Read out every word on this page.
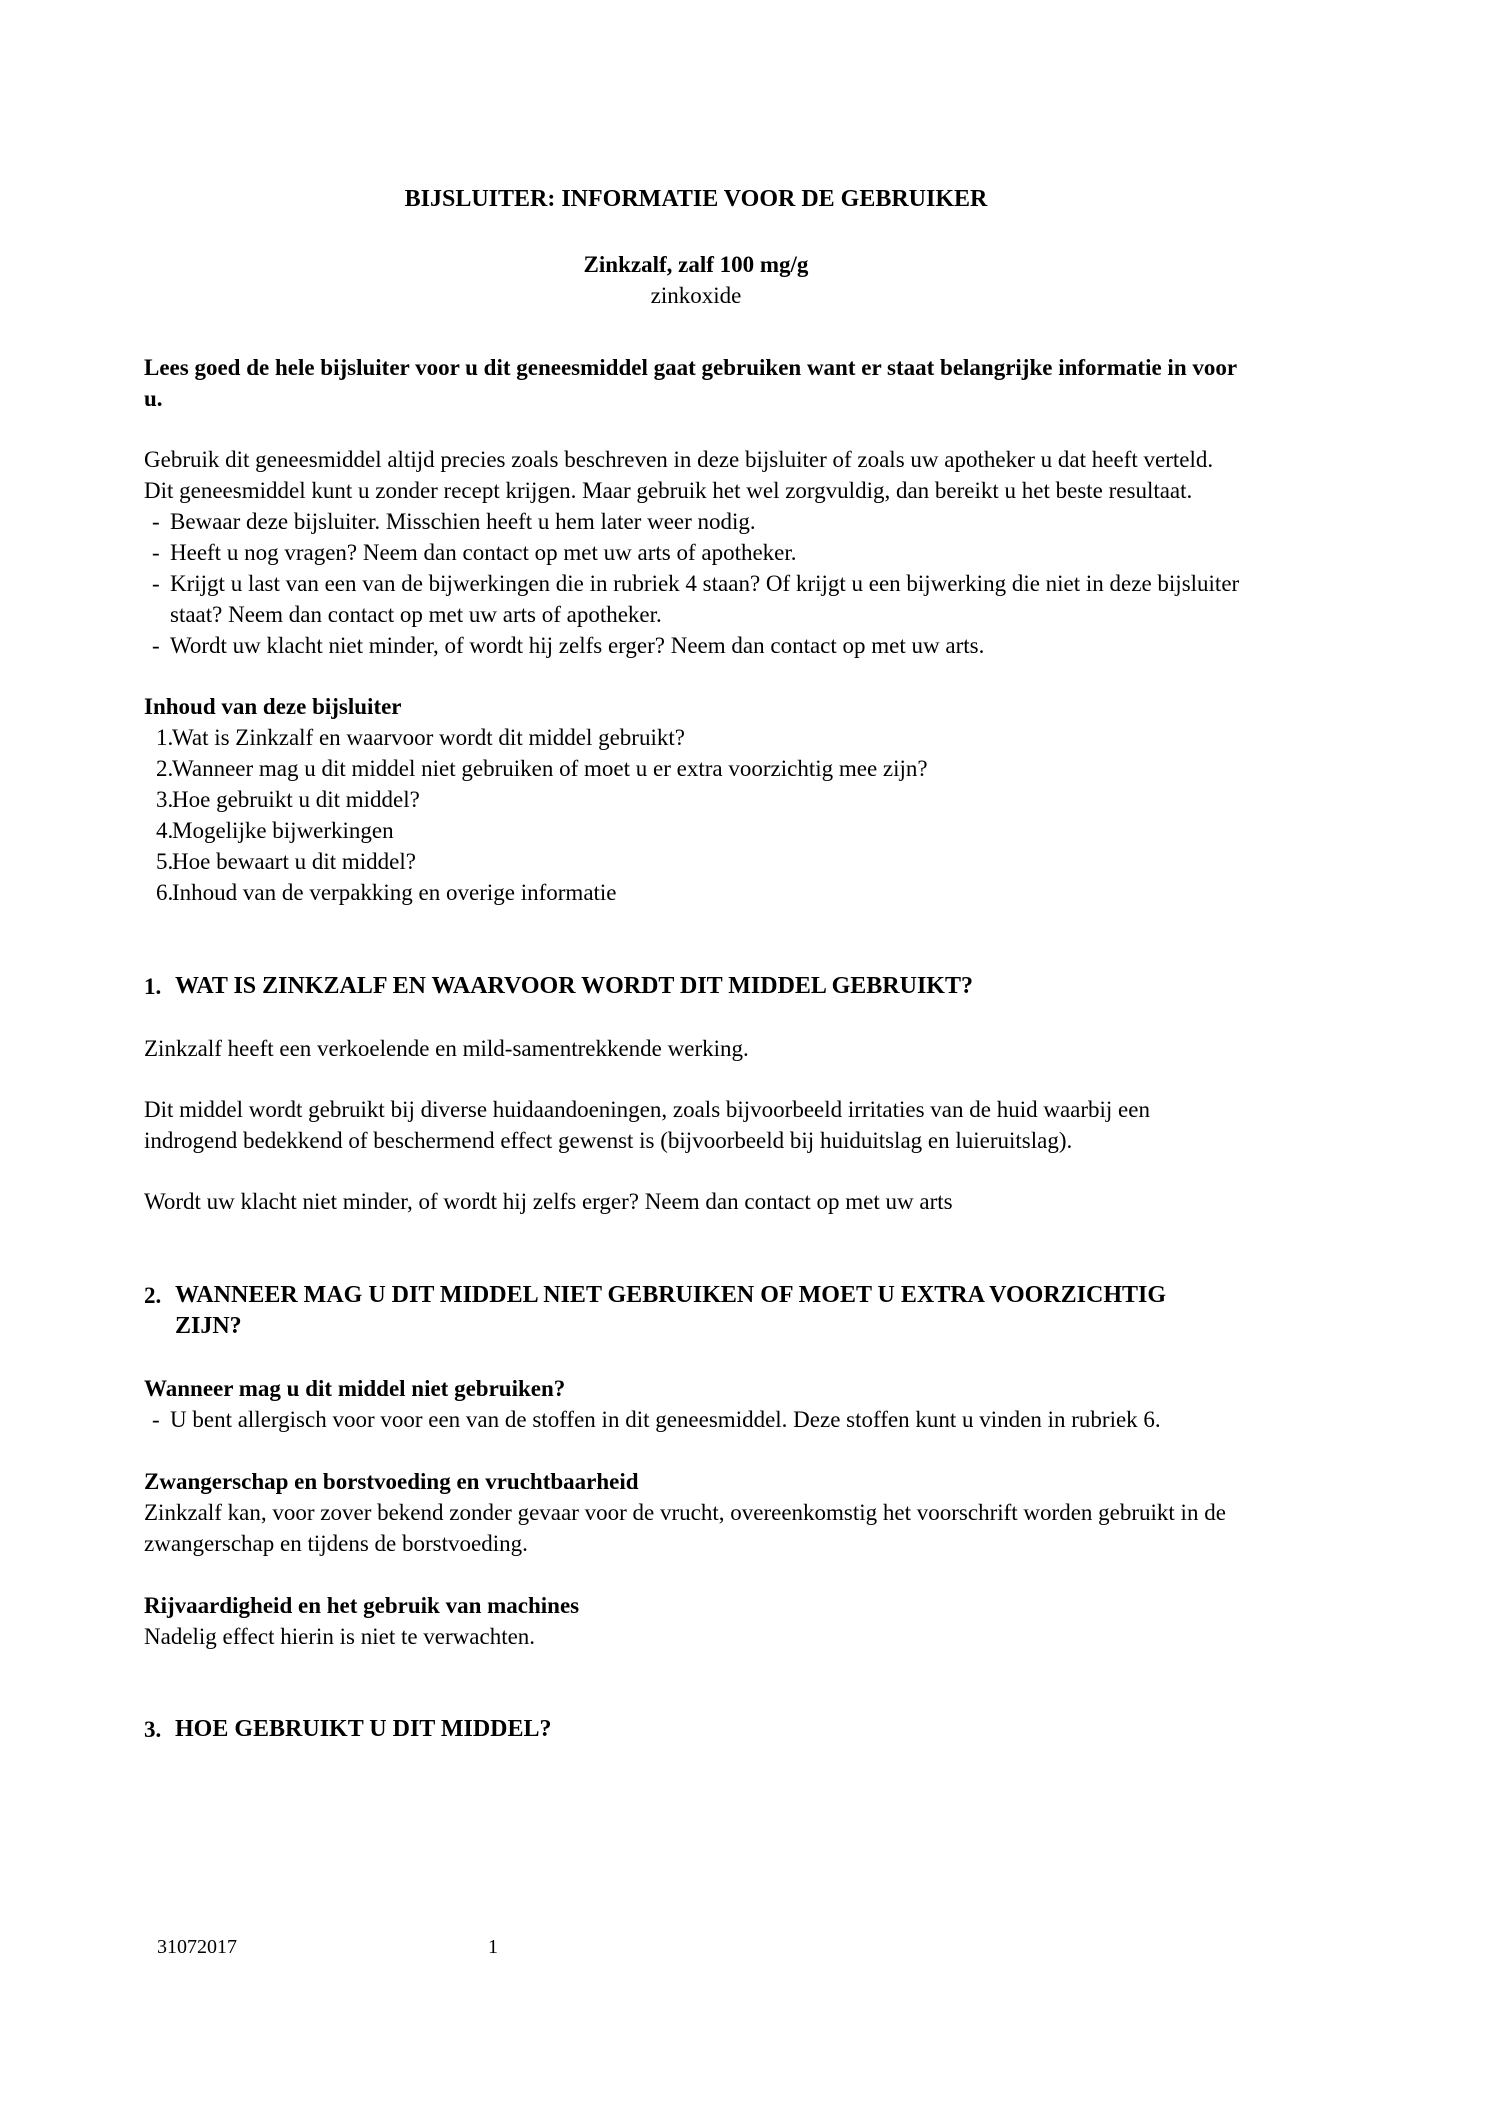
BIJSLUITER: INFORMATIE VOOR DE GEBRUIKER
Zinkzalf, zalf 100 mg/g
zinkoxide

Lees goed de hele bijsluiter voor u dit geneesmiddel gaat gebruiken want er staat belangrijke informatie in voor u.

Gebruik dit geneesmiddel altijd precies zoals beschreven in deze bijsluiter of zoals uw apotheker u dat heeft verteld. Dit geneesmiddel kunt u zonder recept krijgen. Maar gebruik het wel zorgvuldig, dan bereikt u het beste resultaat.

- Bewaar deze bijsluiter. Misschien heeft u hem later weer nodig.
- Heeft u nog vragen? Neem dan contact op met uw arts of apotheker.
- Krijgt u last van een van de bijwerkingen die in rubriek 4 staan? Of krijgt u een bijwerking die niet in deze bijsluiter staat? Neem dan contact op met uw arts of apotheker.
- Wordt uw klacht niet minder, of wordt hij zelfs erger? Neem dan contact op met uw arts.
Inhoud van deze bijsluiter
1.
Wat is Zinkzalf en waarvoor wordt dit middel gebruikt?
2.
Wanneer mag u dit middel niet gebruiken of moet u er extra voorzichtig mee zijn?
3.
Hoe gebruikt u dit middel?
4.
Mogelijke bijwerkingen
5.
Hoe bewaart u dit middel?
6.
Inhoud van de verpakking en overige informatie
1. WAT IS ZINKZALF EN WAARVOOR WORDT DIT MIDDEL GEBRUIKT?

Zinkzalf heeft een verkoelende en mild-samentrekkende werking.

Dit middel wordt gebruikt bij diverse huidaandoeningen, zoals bijvoorbeeld irritaties van de huid waarbij een indrogend bedekkend of beschermend effect gewenst is (bijvoorbeeld bij huiduitslag en luieruitslag).

Wordt uw klacht niet minder, of wordt hij zelfs erger? Neem dan contact op met uw arts

2. WANNEER MAG U DIT MIDDEL NIET GEBRUIKEN OF MOET U EXTRA VOORZICHTIG ZIJN?
Wanneer mag u dit middel niet gebruiken?
- U bent allergisch voor voor een van de stoffen in dit geneesmiddel. Deze stoffen kunt u vinden in rubriek 6.
Zwangerschap en borstvoeding en vruchtbaarheid

Zinkzalf kan, voor zover bekend zonder gevaar voor de vrucht, overeenkomstig het voorschrift worden gebruikt in de zwangerschap en tijdens de borstvoeding.

Rijvaardigheid en het gebruik van machines

Nadelig effect hierin is niet te verwachten.

3. HOE GEBRUIKT U DIT MIDDEL?
31072017	1
